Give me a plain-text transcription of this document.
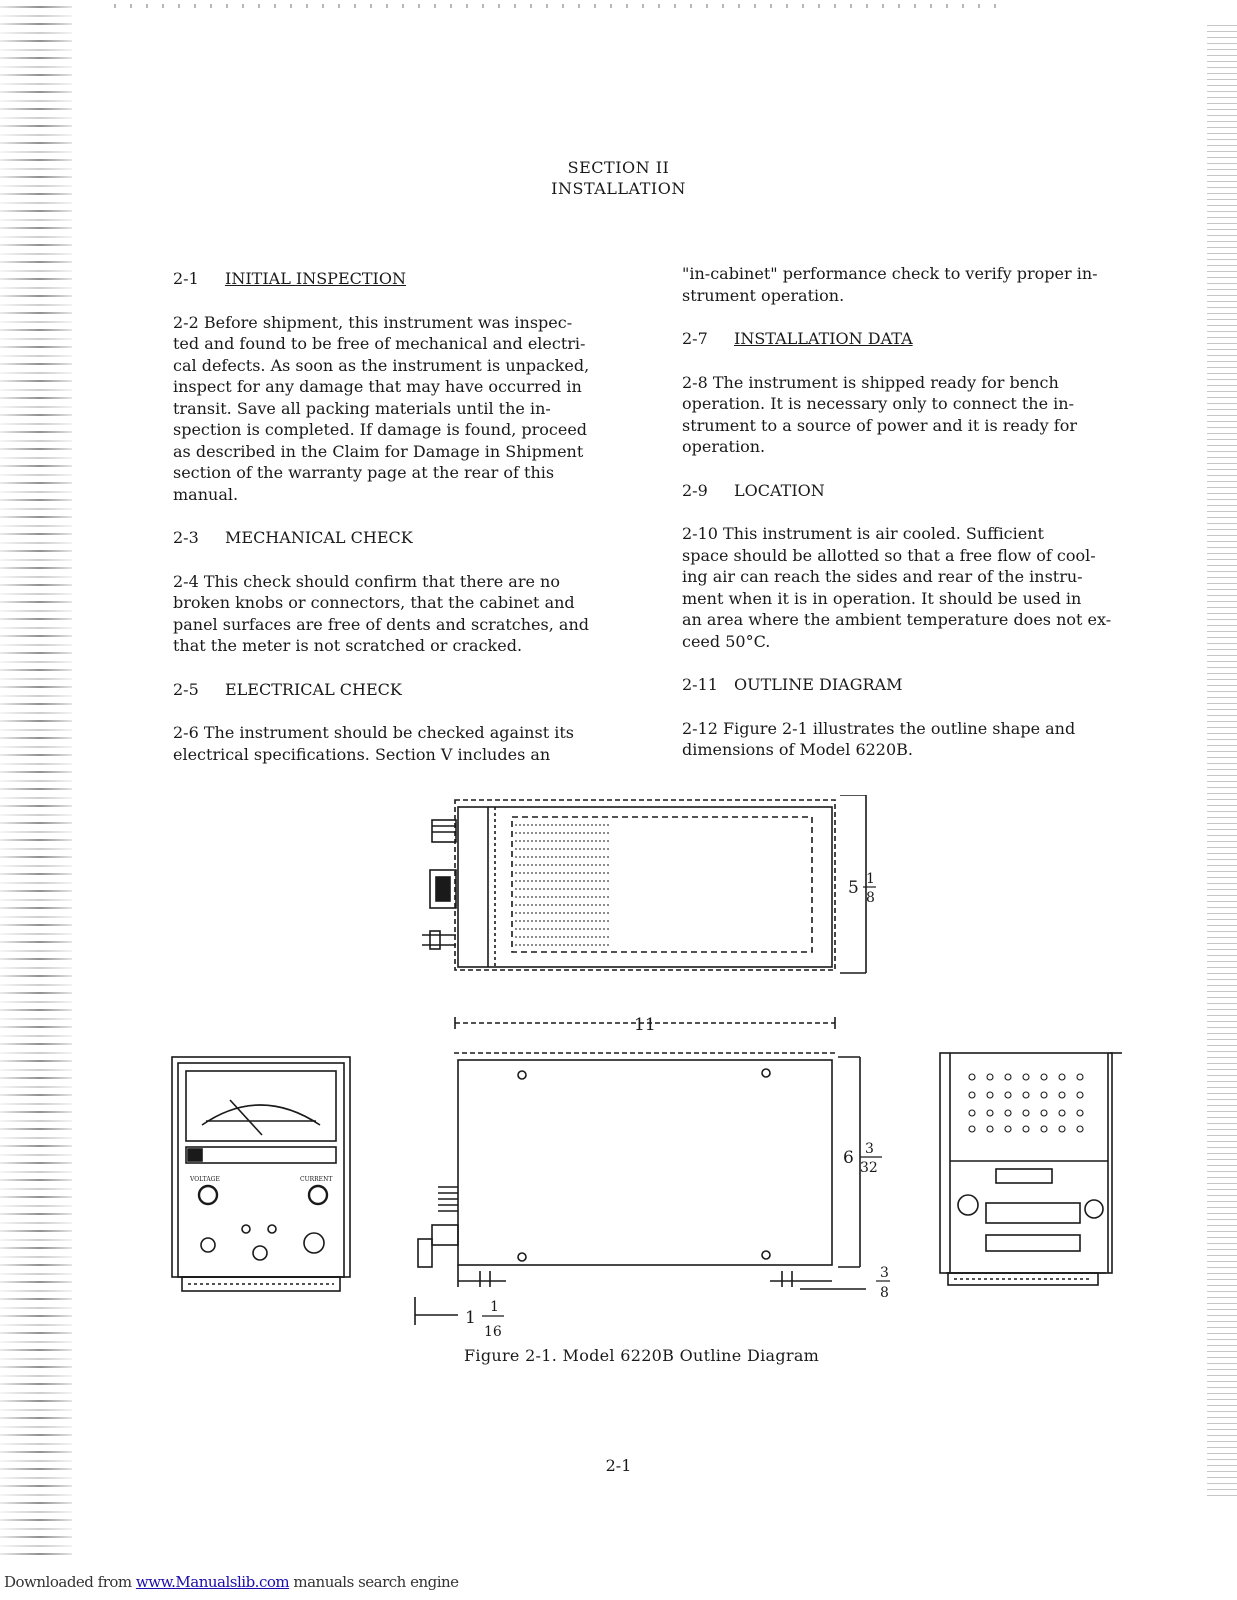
SECTION II
INSTALLATION
2-1 INITIAL INSPECTION
2-2 Before shipment, this instrument was inspec-
ted and found to be free of mechanical and electri-
cal defects. As soon as the instrument is unpacked,
inspect for any damage that may have occurred in
transit. Save all packing materials until the in-
spection is completed. If damage is found, proceed
as described in the Claim for Damage in Shipment
section of the warranty page at the rear of this
manual.
2-3 MECHANICAL CHECK
2-4 This check should confirm that there are no
broken knobs or connectors, that the cabinet and
panel surfaces are free of dents and scratches, and
that the meter is not scratched or cracked.
2-5 ELECTRICAL CHECK
2-6 The instrument should be checked against its
electrical specifications. Section V includes an
"in-cabinet" performance check to verify proper in-
strument operation.
2-7 INSTALLATION DATA
2-8 The instrument is shipped ready for bench
operation. It is necessary only to connect the in-
strument to a source of power and it is ready for
operation.
2-9 LOCATION
2-10 This instrument is air cooled. Sufficient
space should be allotted so that a free flow of cool-
ing air can reach the sides and rear of the instru-
ment when it is in operation. It should be used in
an area where the ambient temperature does not ex-
ceed 50°C.
2-11 OUTLINE DIAGRAM
2-12 Figure 2-1 illustrates the outline shape and
dimensions of Model 6220B.
5 1
8
11
6 3
32
3
8
1
1
16
VOLTAGE	CURRENT
Figure 2-1. Model 6220B Outline Diagram
2-1
Downloaded from www.Manualslib.com manuals search engine
